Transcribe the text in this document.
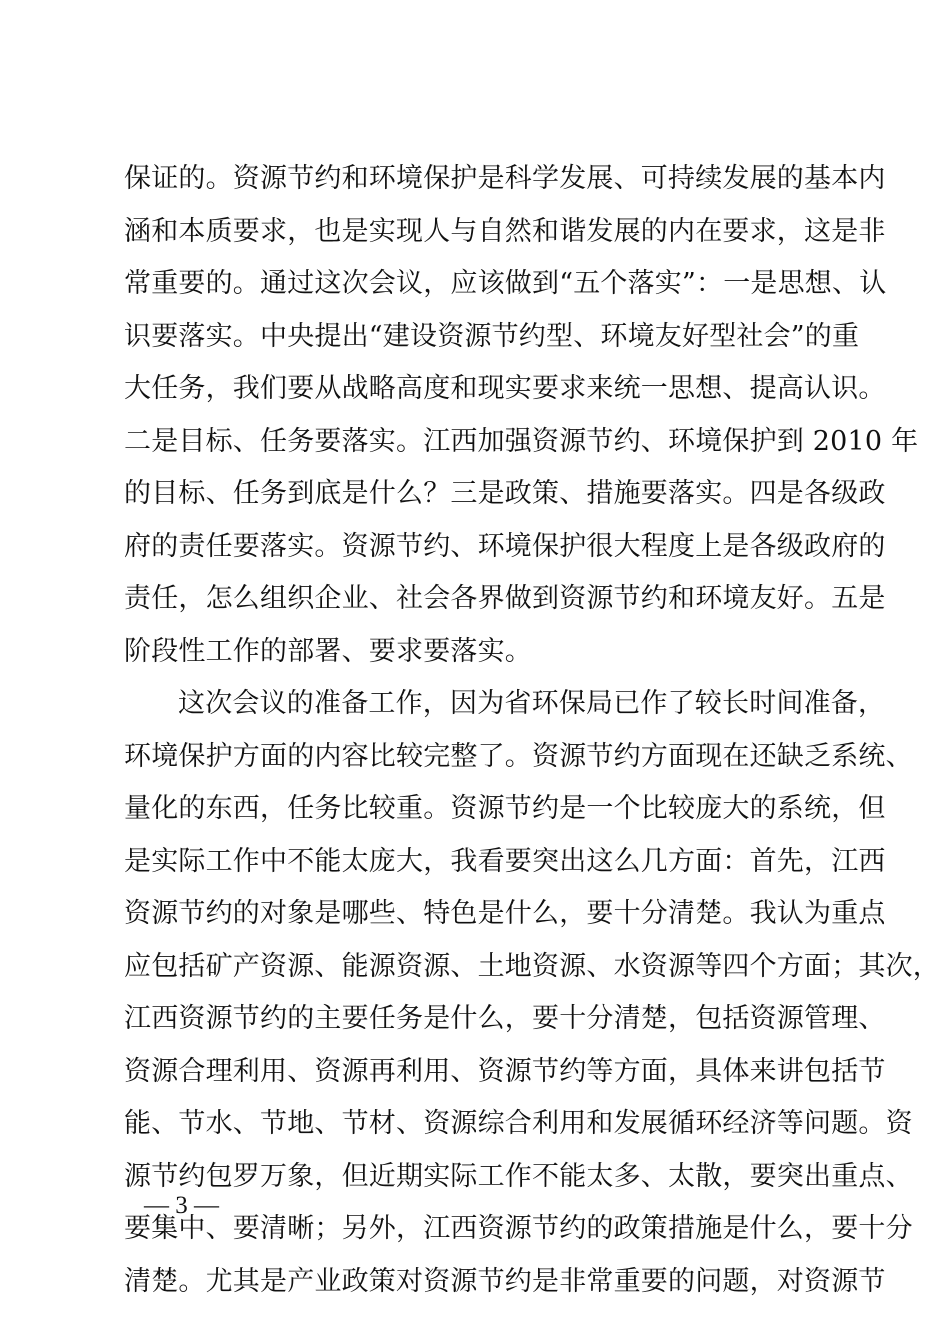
保证的。资源节约和环境保护是科学发展、可持续发展的基本内
涵和本质要求，也是实现人与自然和谐发展的内在要求，这是非
常重要的。通过这次会议，应该做到“五个落实”：一是思想、认
识要落实。中央提出“建设资源节约型、环境友好型社会”的重
大任务，我们要从战略高度和现实要求来统一思想、提高认识。
二是目标、任务要落实。江西加强资源节约、环境保护到 2010 年
的目标、任务到底是什么？三是政策、措施要落实。四是各级政
府的责任要落实。资源节约、环境保护很大程度上是各级政府的
责任，怎么组织企业、社会各界做到资源节约和环境友好。五是
阶段性工作的部署、要求要落实。
这次会议的准备工作，因为省环保局已作了较长时间准备，
环境保护方面的内容比较完整了。资源节约方面现在还缺乏系统、
量化的东西，任务比较重。资源节约是一个比较庞大的系统，但
是实际工作中不能太庞大，我看要突出这么几方面：首先，江西
资源节约的对象是哪些、特色是什么，要十分清楚。我认为重点
应包括矿产资源、能源资源、土地资源、水资源等四个方面；其次，
江西资源节约的主要任务是什么，要十分清楚，包括资源管理、
资源合理利用、资源再利用、资源节约等方面，具体来讲包括节
能、节水、节地、节材、资源综合利用和发展循环经济等问题。资
源节约包罗万象，但近期实际工作不能太多、太散，要突出重点、
要集中、要清晰；另外，江西资源节约的政策措施是什么，要十分
清楚。尤其是产业政策对资源节约是非常重要的问题，对资源节
— 3 —
